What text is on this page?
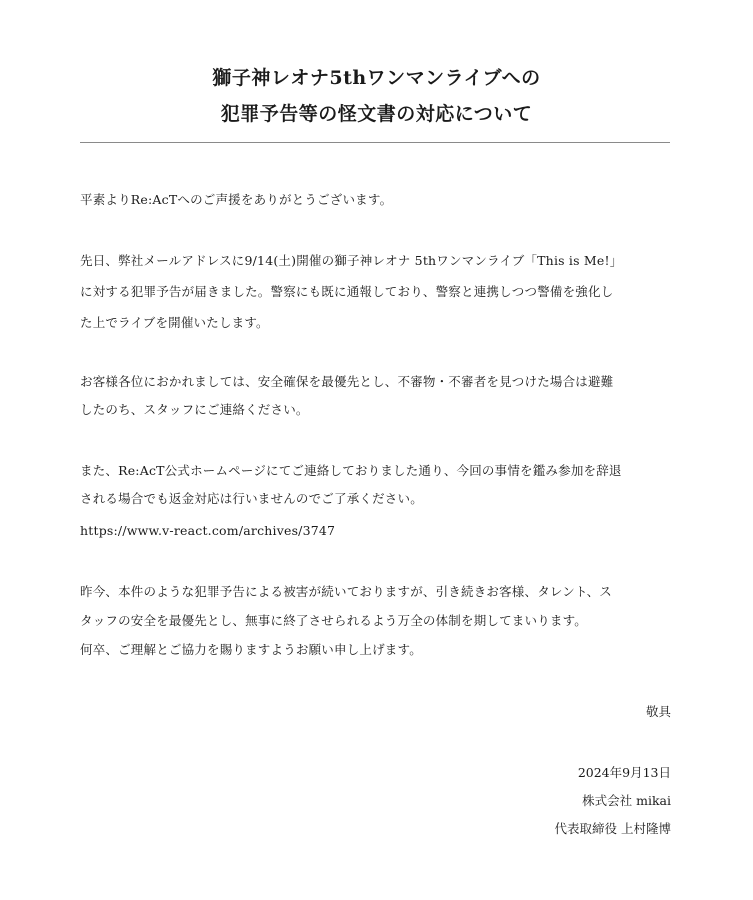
獅子神レオナ5thワンマンライブへの
犯罪予告等の怪文書の対応について
平素よりRe:AcTへのご声援をありがとうございます。
先日、弊社メールアドレスに9/14(土)開催の獅子神レオナ 5thワンマンライブ「This is Me!」
に対する犯罪予告が届きました。警察にも既に通報しており、警察と連携しつつ警備を強化し
た上でライブを開催いたします。
お客様各位におかれましては、安全確保を最優先とし、不審物・不審者を見つけた場合は避難
したのち、スタッフにご連絡ください。
また、Re:AcT公式ホームページにてご連絡しておりました通り、今回の事情を鑑み参加を辞退
される場合でも返金対応は行いませんのでご了承ください。
https://www.v-react.com/archives/3747
昨今、本件のような犯罪予告による被害が続いておりますが、引き続きお客様、タレント、ス
タッフの安全を最優先とし、無事に終了させられるよう万全の体制を期してまいります。
何卒、ご理解とご協力を賜りますようお願い申し上げます。
敬具
2024年9月13日
株式会社 mikai
代表取締役 上村隆博
